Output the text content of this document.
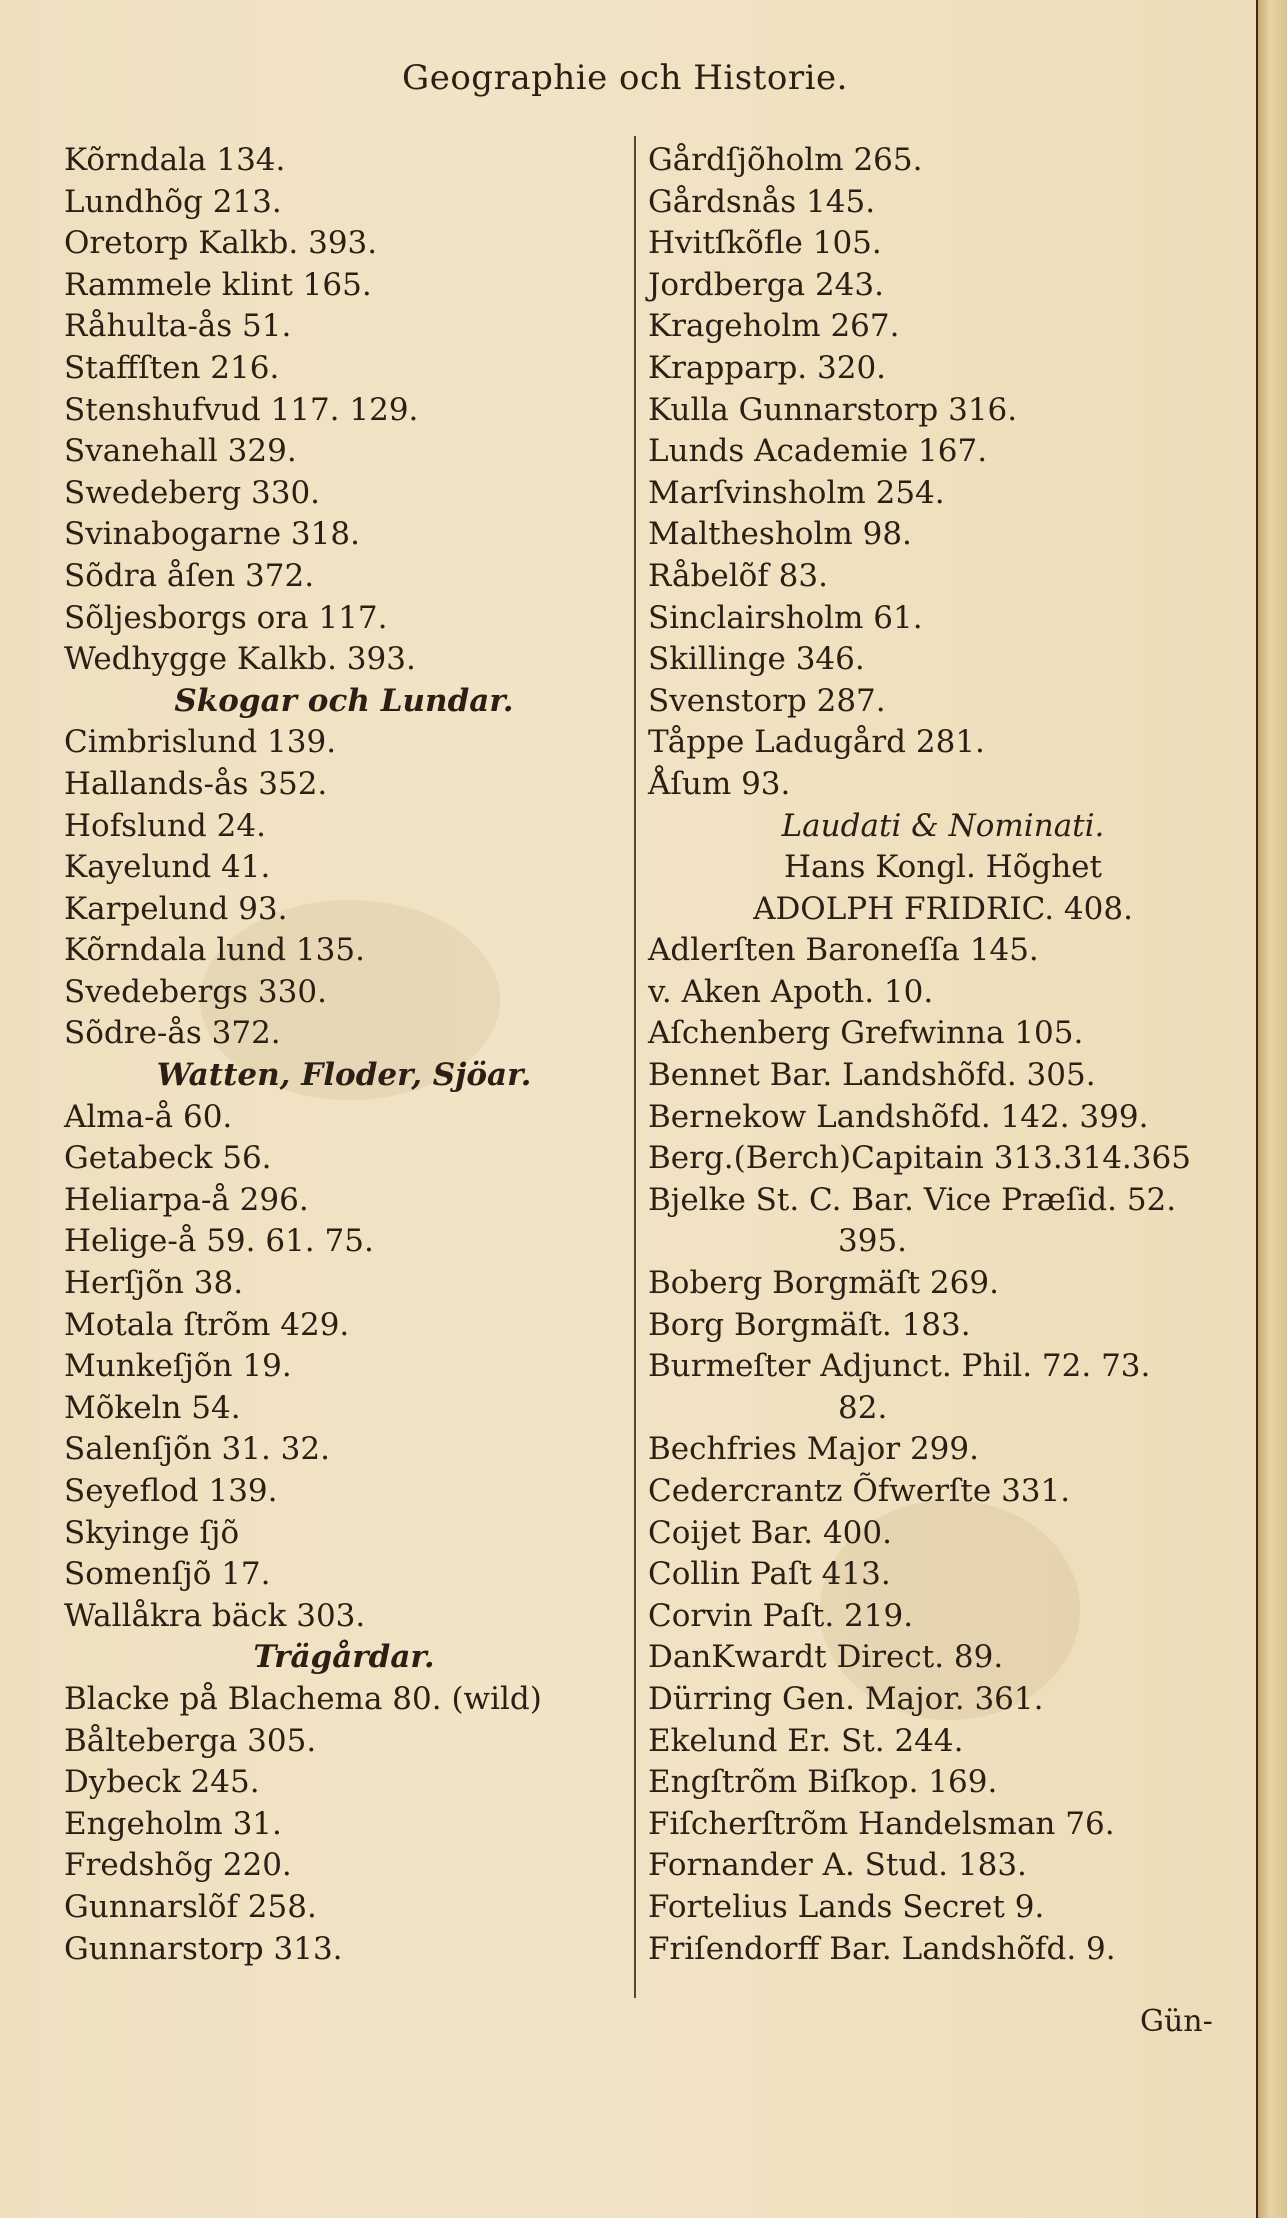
Geographie och Historie.
Kõrndala 134.
Lundhõg 213.
Oretorp Kalkb. 393.
Rammele klint 165.
Råhulta-ås 51.
Staffſten 216.
Stenshufvud 117. 129.
Svanehall 329.
Swedeberg 330.
Svinabogarne 318.
Sõdra åſen 372.
Sõljesborgs ora 117.
Wedhygge Kalkb. 393.
Skogar och Lundar.
Cimbrislund 139.
Hallands-ås 352.
Hofslund 24.
Kayelund 41.
Karpelund 93.
Kõrndala lund 135.
Svedebergs 330.
Sõdre-ås 372.
Watten, Floder, Sjöar.
Alma-å 60.
Getabeck 56.
Heliarpa-å 296.
Helige-å 59. 61. 75.
Herſjõn 38.
Motala ſtrõm 429.
Munkeſjõn 19.
Mõkeln 54.
Salenſjõn 31. 32.
Seyeflod 139.
Skyinge ſjõ
Somenſjõ 17.
Wallåkra bäck 303.
Trägårdar.
Blacke på Blachema 80. (wild)
Bålteberga 305.
Dybeck 245.
Engeholm 31.
Fredshõg 220.
Gunnarslõf 258.
Gunnarstorp 313.
Gårdſjõholm 265.
Gårdsnås 145.
Hvitſkõfle 105.
Jordberga 243.
Krageholm 267.
Krapparp. 320.
Kulla Gunnarstorp 316.
Lunds Academie 167.
Marſvinsholm 254.
Malthesholm 98.
Råbelõf 83.
Sinclairsholm 61.
Skillinge 346.
Svenstorp 287.
Tåppe Ladugård 281.
Åſum 93.
Laudati & Nominati.
Hans Kongl. Hõghet
ADOLPH FRIDRIC. 408.
Adlerſten Baroneſſa 145.
v. Aken Apoth. 10.
Aſchenberg Grefwinna 105.
Bennet Bar. Landshõfd. 305.
Bernekow Landshõfd. 142. 399.
Berg.(Berch)Capitain 313.314.365
Bjelke St. C. Bar. Vice Præſid. 52.
395.
Boberg Borgmäſt 269.
Borg Borgmäſt. 183.
Burmeſter Adjunct. Phil. 72. 73.
82.
Bechfries Major 299.
Cedercrantz Õfwerſte 331.
Coijet Bar. 400.
Collin Paſt 413.
Corvin Paſt. 219.
DanKwardt Direct. 89.
Dürring Gen. Major. 361.
Ekelund Er. St. 244.
Engſtrõm Biſkop. 169.
Fiſcherſtrõm Handelsman 76.
Fornander A. Stud. 183.
Fortelius Lands Secret 9.
Friſendorff Bar. Landshõfd. 9.
Gün-
